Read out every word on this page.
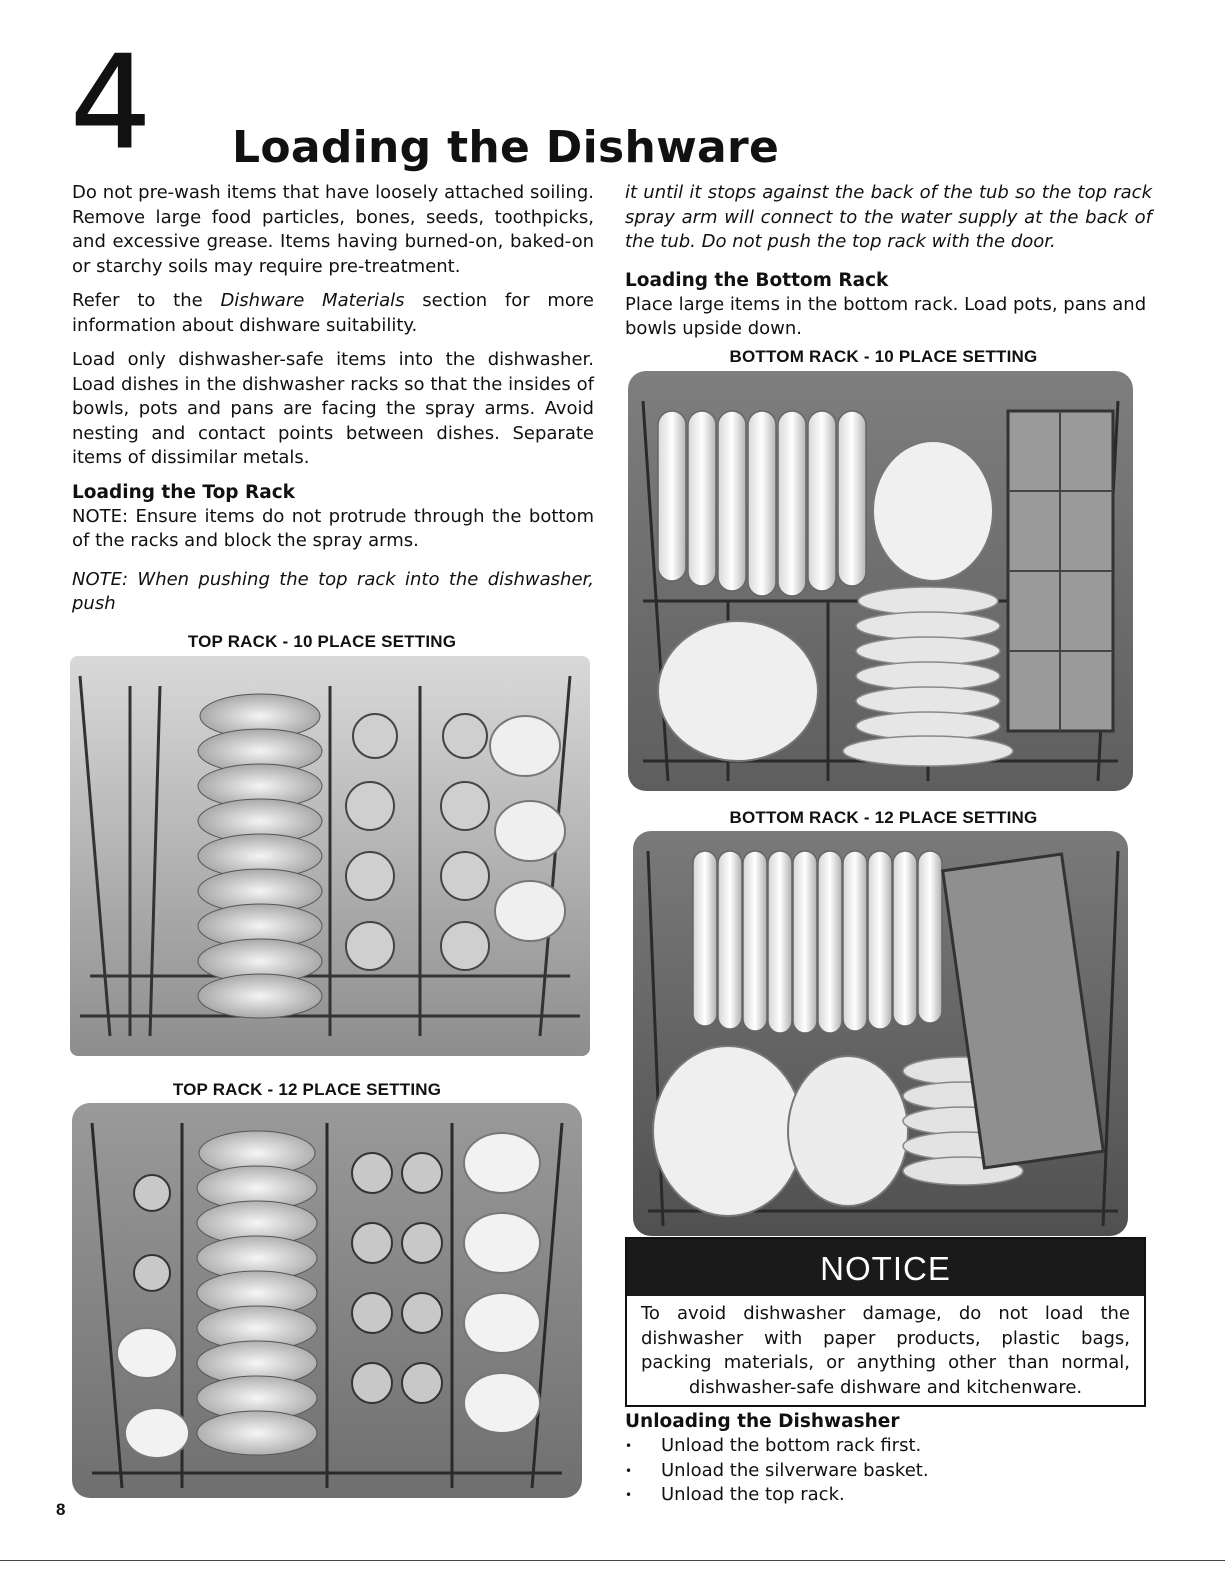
4 Loading the Dishware

Do not pre-wash items that have loosely attached soiling. Remove large food particles, bones, seeds, toothpicks, and excessive grease. Items having burned-on, baked-on or starchy soils may require pre-treatment.

Refer to the Dishware Materials section for more information about dishware suitability.

Load only dishwasher-safe items into the dishwasher. Load dishes in the dishwasher racks so that the insides of bowls, pots and pans are facing the spray arms. Avoid nesting and contact points between dishes. Separate items of dissimilar metals.

Loading the Top Rack

NOTE: Ensure items do not protrude through the bottom of the racks and block the spray arms.

NOTE: When pushing the top rack into the dishwasher, push

it until it stops against the back of the tub so the top rack spray arm will connect to the water supply at the back of the tub. Do not push the top rack with the door.

Loading the Bottom Rack

Place large items in the bottom rack. Load pots, pans and bowls upside down.

TOP RACK - 10 PLACE SETTING
TOP RACK - 12 PLACE SETTING
BOTTOM RACK - 10 PLACE SETTING
BOTTOM RACK - 12 PLACE SETTING
NOTICE
To avoid dishwasher damage, do not load the dishwasher with paper products, plastic bags, packing materials, or anything other than normal, dishwasher-safe dishware and kitchenware.
Unloading the Dishwasher
• Unload the bottom rack first.
• Unload the silverware basket.
• Unload the top rack.
8
